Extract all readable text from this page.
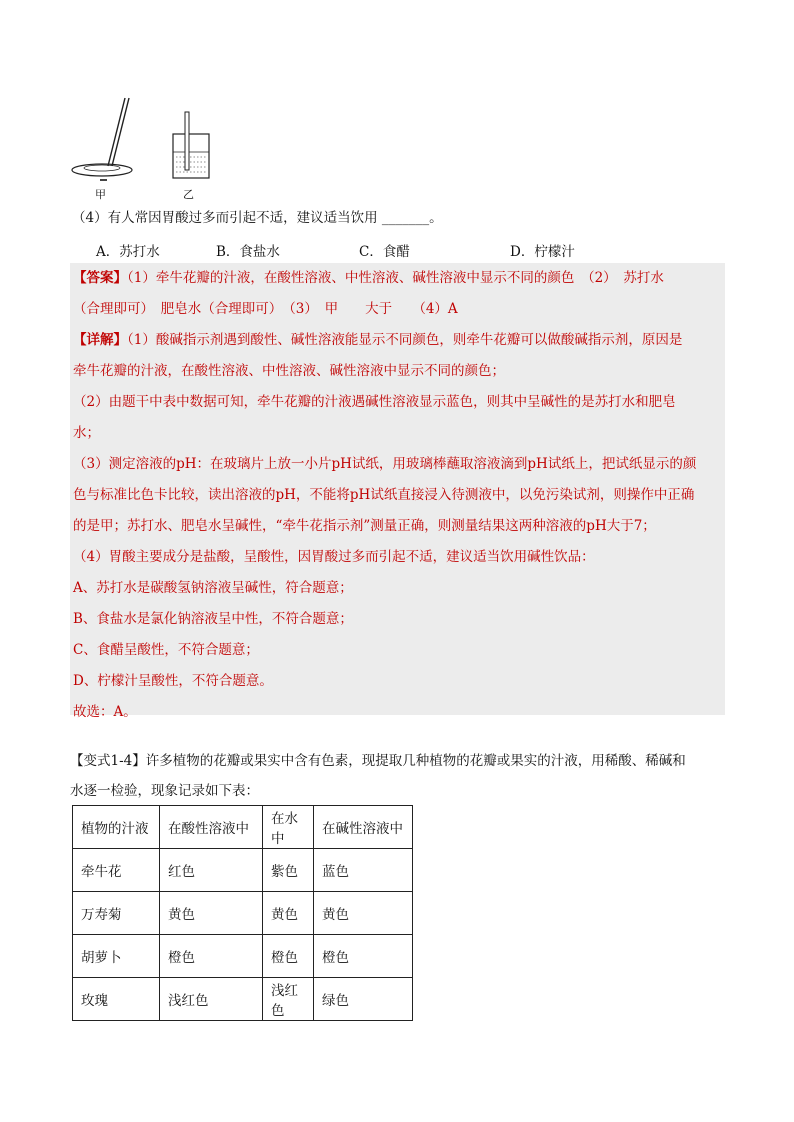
甲	乙
（4）有人常因胃酸过多而引起不适，建议适当饮用 _______。
A．苏打水	B．食盐水	C．食醋	D．柠檬汁

【答案】（1）牵牛花瓣的汁液，在酸性溶液、中性溶液、碱性溶液中显示不同的颜色　（2）　苏打水

（合理即可）　肥皂水（合理即可）　（3）　甲　　大于　　（4）A

【详解】（1）酸碱指示剂遇到酸性、碱性溶液能显示不同颜色，则牵牛花瓣可以做酸碱指示剂，原因是

牵牛花瓣的汁液，在酸性溶液、中性溶液、碱性溶液中显示不同的颜色；

（2）由题干中表中数据可知，牵牛花瓣的汁液遇碱性溶液显示蓝色，则其中呈碱性的是苏打水和肥皂

水；

（3）测定溶液的pH：在玻璃片上放一小片pH试纸，用玻璃棒蘸取溶液滴到pH试纸上，把试纸显示的颜

色与标准比色卡比较，读出溶液的pH，不能将pH试纸直接浸入待测液中，以免污染试剂，则操作中正确

的是甲；苏打水、肥皂水呈碱性，“牵牛花指示剂”测量正确，则测量结果这两种溶液的pH大于7；

（4）胃酸主要成分是盐酸，呈酸性，因胃酸过多而引起不适，建议适当饮用碱性饮品：

A、苏打水是碳酸氢钠溶液呈碱性，符合题意；

B、食盐水是氯化钠溶液呈中性，不符合题意；

C、食醋呈酸性，不符合题意；

D、柠檬汁呈酸性，不符合题意。

故选：A。

【变式1-4】许多植物的花瓣或果实中含有色素，现提取几种植物的花瓣或果实的汁液，用稀酸、稀碱和
水逐一检验，现象记录如下表：
植物的汁液	在酸性溶液中	在水中	在碱性溶液中
牵牛花	红色	紫色	蓝色
万寿菊	黄色	黄色	黄色
胡萝卜	橙色	橙色	橙色
玫瑰	浅红色	浅红色	绿色
